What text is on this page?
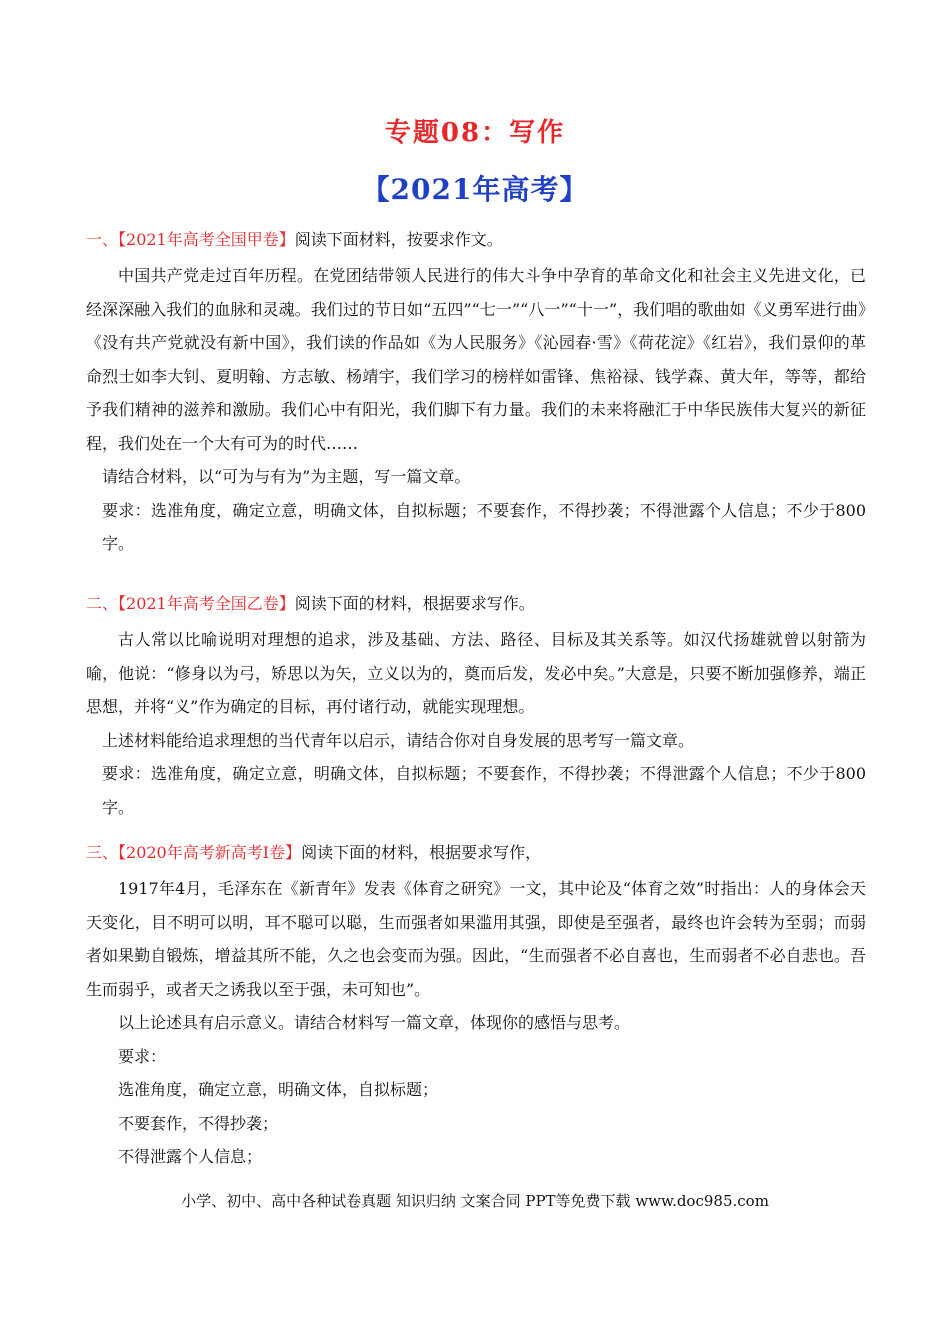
专题08：写作
【2021年高考】
一、【2021年高考全国甲卷】阅读下面材料，按要求作文。

中国共产党走过百年历程。在党团结带领人民进行的伟大斗争中孕育的革命文化和社会主义先进文化，已经深深融入我们的血脉和灵魂。我们过的节日如“五四”“七一”“八一”“十一”，我们唱的歌曲如《义勇军进行曲》《没有共产党就没有新中国》，我们读的作品如《为人民服务》《沁园春·雪》《荷花淀》《红岩》，我们景仰的革命烈士如李大钊、夏明翰、方志敏、杨靖宇，我们学习的榜样如雷锋、焦裕禄、钱学森、黄大年，等等，都给予我们精神的滋养和激励。我们心中有阳光，我们脚下有力量。我们的未来将融汇于中华民族伟大复兴的新征程，我们处在一个大有可为的时代……

请结合材料，以“可为与有为”为主题，写一篇文章。

要求：选准角度，确定立意，明确文体，自拟标题；不要套作，不得抄袭；不得泄露个人信息；不少于800字。

二、【2021年高考全国乙卷】阅读下面的材料，根据要求写作。

古人常以比喻说明对理想的追求，涉及基础、方法、路径、目标及其关系等。如汉代扬雄就曾以射箭为喻，他说：“修身以为弓，矫思以为矢，立义以为的，奠而后发，发必中矣。”大意是，只要不断加强修养，端正思想，并将“义”作为确定的目标，再付诸行动，就能实现理想。

上述材料能给追求理想的当代青年以启示，请结合你对自身发展的思考写一篇文章。

要求：选准角度，确定立意，明确文体，自拟标题；不要套作，不得抄袭；不得泄露个人信息；不少于800字。

三、【2020年高考新高考Ⅰ卷】阅读下面的材料，根据要求写作，

1917年4月，毛泽东在《新青年》发表《体育之研究》一文，其中论及“体育之效”时指出：人的身体会天天变化，目不明可以明，耳不聪可以聪，生而强者如果滥用其强，即使是至强者，最终也许会转为至弱；而弱者如果勤自锻炼，增益其所不能，久之也会变而为强。因此，“生而强者不必自喜也，生而弱者不必自悲也。吾生而弱乎，或者天之诱我以至于强，未可知也”。

以上论述具有启示意义。请结合材料写一篇文章，体现你的感悟与思考。

要求：

选准角度，确定立意，明确文体，自拟标题；

不要套作，不得抄袭；

不得泄露个人信息；

小学、初中、高中各种试卷真题 知识归纳 文案合同 PPT等免费下载 www.doc985.com
